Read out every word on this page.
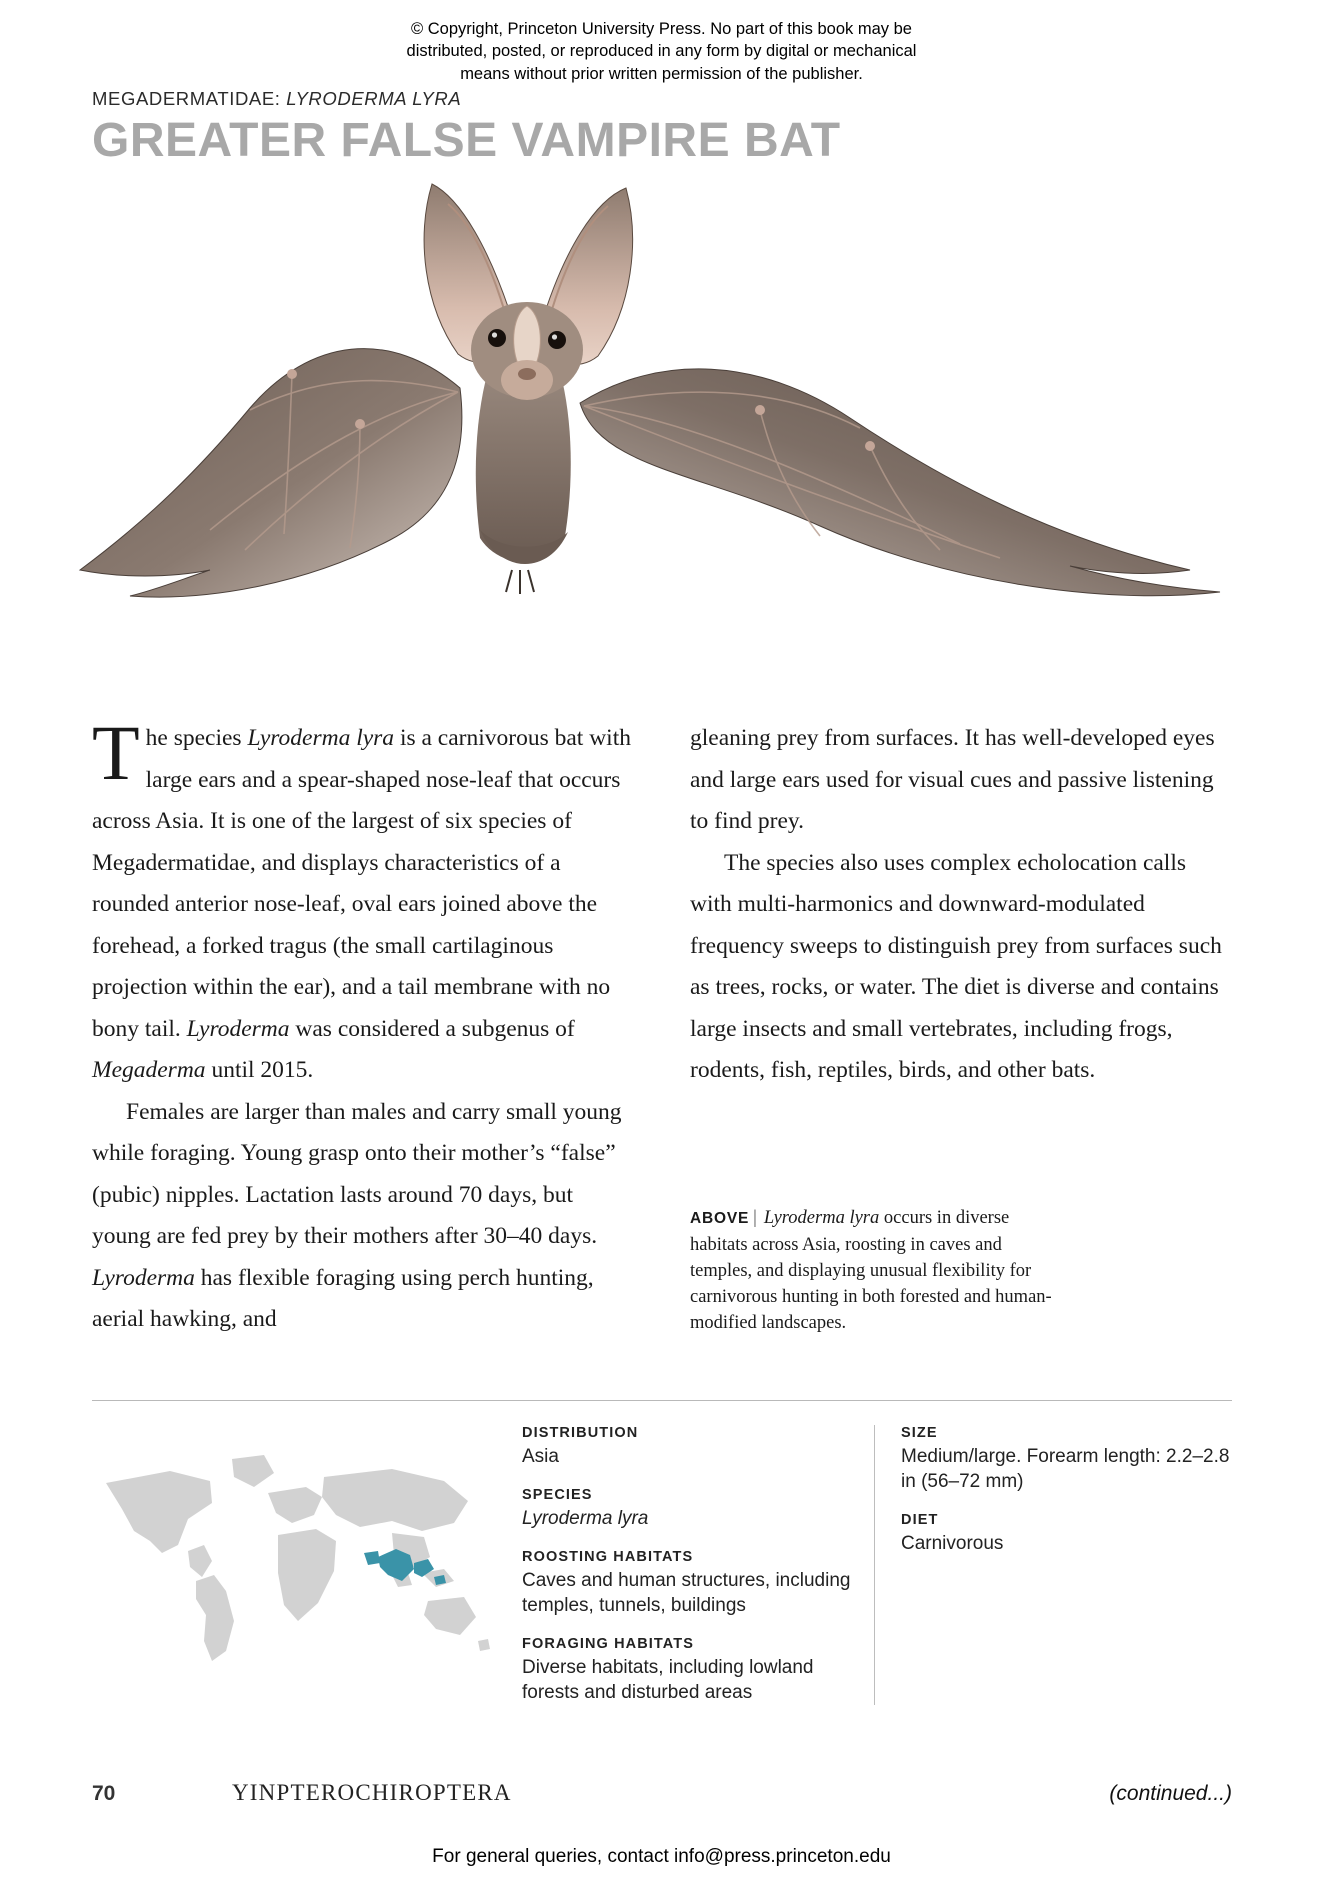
© Copyright, Princeton University Press. No part of this book may be
distributed, posted, or reproduced in any form by digital or mechanical
means without prior written permission of the publisher.
MEGADERMATIDAE: LYRODERMA LYRA
GREATER FALSE VAMPIRE BAT

The species Lyroderma lyra is a carnivorous bat with large ears and a spear-shaped nose-leaf that occurs across Asia. It is one of the largest of six species of Megadermatidae, and displays characteristics of a rounded anterior nose-leaf, oval ears joined above the forehead, a forked tragus (the small cartilaginous projection within the ear), and a tail membrane with no bony tail. Lyroderma was considered a subgenus of Megaderma until 2015.

Females are larger than males and carry small young while foraging. Young grasp onto their mother’s “false” (pubic) nipples. Lactation lasts around 70 days, but young are fed prey by their mothers after 30–40 days. Lyroderma has flexible foraging using perch hunting, aerial hawking, and

gleaning prey from surfaces. It has well-developed eyes and large ears used for visual cues and passive listening to find prey.

The species also uses complex echolocation calls with multi-harmonics and downward-modulated frequency sweeps to distinguish prey from surfaces such as trees, rocks, or water. The diet is diverse and contains large insects and small vertebrates, including frogs, rodents, fish, reptiles, birds, and other bats.

ABOVE | Lyroderma lyra occurs in diverse habitats across Asia, roosting in caves and temples, and displaying unusual flexibility for carnivorous hunting in both forested and human-modified landscapes.
DISTRIBUTION
Asia
SPECIES
Lyroderma lyra
ROOSTING HABITATS
Caves and human structures, including temples, tunnels, buildings
FORAGING HABITATS
Diverse habitats, including lowland forests and disturbed areas
SIZE
Medium/large. Forearm length: 2.2–2.8 in (56–72 mm)
DIET
Carnivorous
70	YINPTEROCHIROPTERA	(continued...)
For general queries, contact info@press.princeton.edu
